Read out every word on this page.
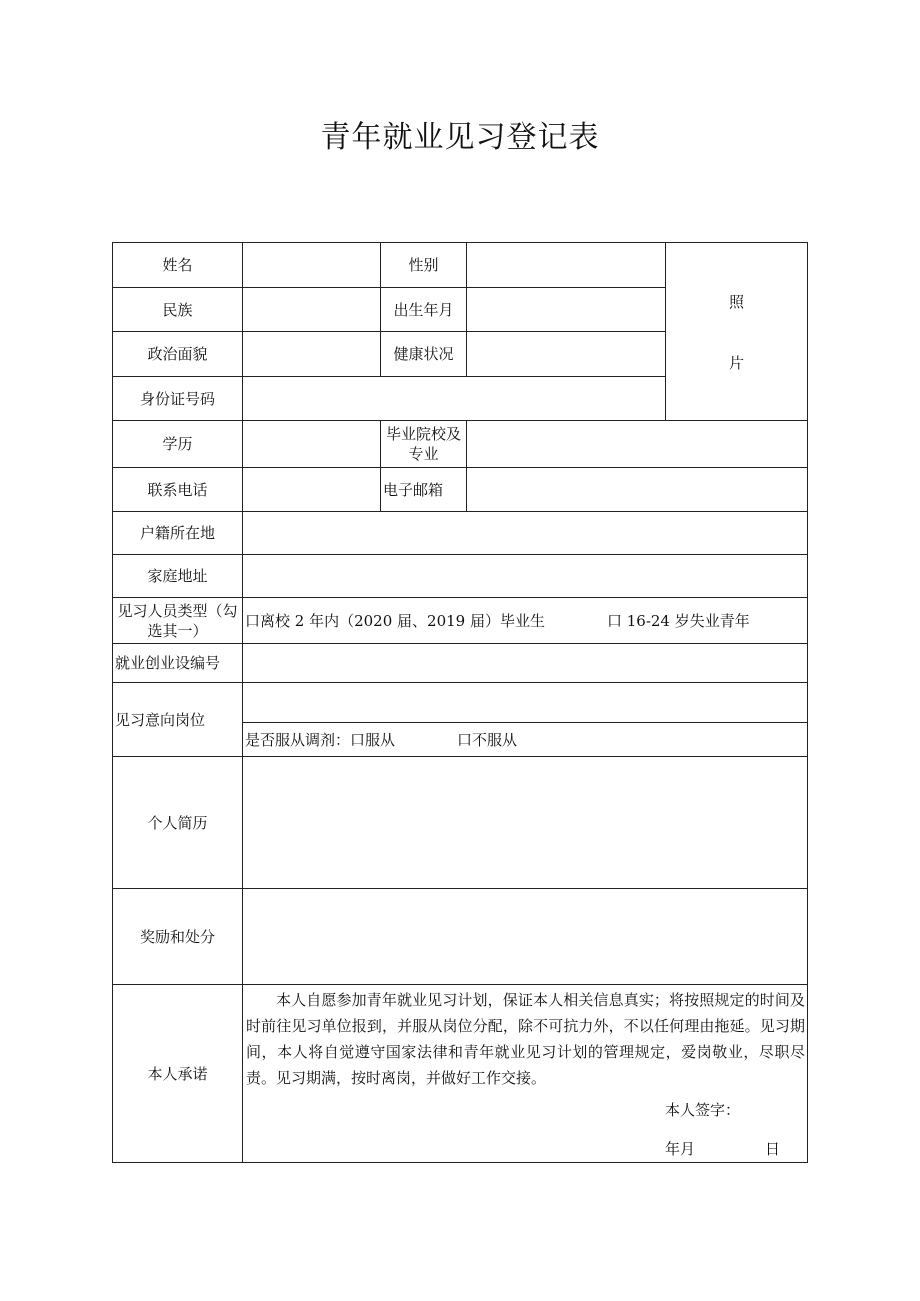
青年就业见习登记表
姓名		性别		照
片

民族		出生年月		
政治面貌		健康状况		
身份证号码				
学历		毕业院校及专业		
联系电话		电子邮箱		
户籍所在地				
家庭地址				
见习人员类型（勾选其一）	口离校 2 年内（2020 届、2019 届）毕业生 口 16-24 岁失业青年			
就业创业设编号				
见习意向岗位				
	是否服从调剂：口服从 口不服从			
个人简历				
奖励和处分				
本人承诺	本人自愿参加青年就业见习计划，保证本人相关信息真实；将按照规定的时间及时前往见习单位报到，并服从岗位分配，除不可抗力外，不以任何理由拖延。见习期间，本人将自觉遵守国家法律和青年就业见习计划的管理规定，爱岗敬业，尽职尽责。见习期满，按时离岗，并做好工作交接。
本人签字：
年月 日			
